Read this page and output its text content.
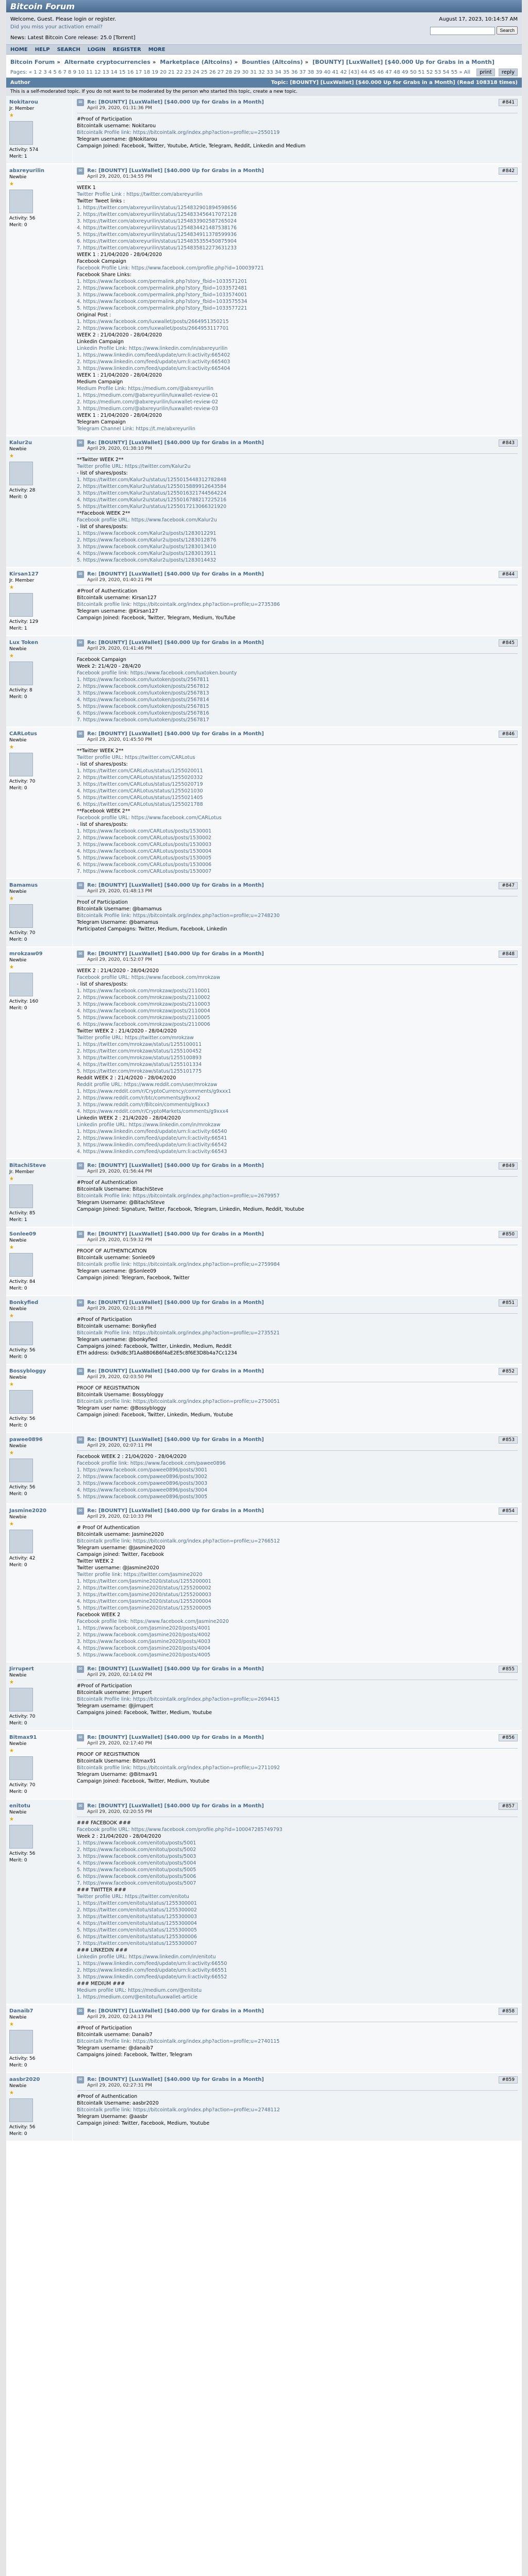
Bitcoin Forum
Welcome, Guest. Please login or register.
Did you miss your activation email?
News: Latest Bitcoin Core release: 25.0 [Torrent]
August 17, 2023, 10:14:57 AM
Search
HOME HELP SEARCH LOGIN REGISTER MORE
Bitcoin Forum » Alternate cryptocurrencies » Marketplace (Altcoins) » Bounties (Altcoins) » [BOUNTY] [LuxWallet] [$40.000 Up for Grabs in a Month]
Pages: « 1 2 3 4 5 6 7 8 9 10 11 12 13 14 15 16 17 18 19 20 21 22 23 24 25 26 27 28 29 30 31 32 33 34 35 36 37 38 39 40 41 42 [43] 44 45 46 47 48 49 50 51 52 53 54 55 » All	print reply
Author	Topic: [BOUNTY] [LuxWallet] [$40.000 Up for Grabs in a Month] (Read 108318 times)
This is a self-moderated topic. If you do not want to be moderated by the person who started this topic, create a new topic.
Nokitarou
Jr. Member
★
Activity: 574
Merit: 1
✉ Re: [BOUNTY] [LuxWallet] [$40.000 Up for Grabs in a Month]
April 29, 2020, 01:31:36 PM
#841
#Proof of Participation
Bitcointalk username: Nokitarou
Bitcointalk Profile link: https://bitcointalk.org/index.php?action=profile;u=2550119
Telegram username: @Nokitarou
Campaign Joined: Facebook, Twitter, Youtube, Article, Telegram, Reddit, Linkedin and Medium
abxreyurilin
Newbie
★
Activity: 56
Merit: 0
✉ Re: [BOUNTY] [LuxWallet] [$40.000 Up for Grabs in a Month]
April 29, 2020, 01:34:55 PM
#842
WEEK 1
Twitter Profile Link : https://twitter.com/abxreyurilin
Twitter Tweet links :
1. https://twitter.com/abxreyurilin/status/1254832901894598656
2. https://twitter.com/abxreyurilin/status/1254833456417072128
3. https://twitter.com/abxreyurilin/status/1254833902587265024
4. https://twitter.com/abxreyurilin/status/1254834421487538176
5. https://twitter.com/abxreyurilin/status/1254834911378599936
6. https://twitter.com/abxreyurilin/status/1254835355450875904
7. https://twitter.com/abxreyurilin/status/1254835812273631233
WEEK 1 : 21/04/2020 - 28/04/2020
Facebook Campaign
Facebook Profile Link: https://www.facebook.com/profile.php?id=100039721
Facebook Share Links:
1. https://www.facebook.com/permalink.php?story_fbid=1033571201
2. https://www.facebook.com/permalink.php?story_fbid=1033572481
3. https://www.facebook.com/permalink.php?story_fbid=1033574001
4. https://www.facebook.com/permalink.php?story_fbid=1033575534
5. https://www.facebook.com/permalink.php?story_fbid=1033577221
Original Post :
1. https://www.facebook.com/luxwallet/posts/2664951350215
2. https://www.facebook.com/luxwallet/posts/2664953117701
WEEK 2 : 21/04/2020 - 28/04/2020
Linkedin Campaign
Linkedin Profile Link: https://www.linkedin.com/in/abxreyurilin
1. https://www.linkedin.com/feed/update/urn:li:activity:665402
2. https://www.linkedin.com/feed/update/urn:li:activity:665403
3. https://www.linkedin.com/feed/update/urn:li:activity:665404
WEEK 1 : 21/04/2020 - 28/04/2020
Medium Campaign
Medium Profile Link: https://medium.com/@abxreyurilin
1. https://medium.com/@abxreyurilin/luxwallet-review-01
2. https://medium.com/@abxreyurilin/luxwallet-review-02
3. https://medium.com/@abxreyurilin/luxwallet-review-03
WEEK 1 : 21/04/2020 - 28/04/2020
Telegram Campaign
Telegram Channel Link: https://t.me/abxreyurilin
Kalur2u
Newbie
★
Activity: 28
Merit: 0
✉ Re: [BOUNTY] [LuxWallet] [$40.000 Up for Grabs in a Month]
April 29, 2020, 01:38:10 PM
#843
**Twitter WEEK 2**
Twitter profile URL: https://twitter.com/Kalur2u
- list of shares/posts:
1. https://twitter.com/Kalur2u/status/1255015448312782848
2. https://twitter.com/Kalur2u/status/1255015889912643584
3. https://twitter.com/Kalur2u/status/1255016321744564224
4. https://twitter.com/Kalur2u/status/1255016788217225216
5. https://twitter.com/Kalur2u/status/1255017213066321920
**Facebook WEEK 2**
Facebook profile URL: https://www.facebook.com/Kalur2u
- list of shares/posts:
1. https://www.facebook.com/Kalur2u/posts/1283012291
2. https://www.facebook.com/Kalur2u/posts/1283012876
3. https://www.facebook.com/Kalur2u/posts/1283013410
4. https://www.facebook.com/Kalur2u/posts/1283013911
5. https://www.facebook.com/Kalur2u/posts/1283014432
Kirsan127
Jr. Member
★
Activity: 129
Merit: 1
✉ Re: [BOUNTY] [LuxWallet] [$40.000 Up for Grabs in a Month]
April 29, 2020, 01:40:21 PM
#844
#Proof of Authentication
Bitcointalk username: Kirsan127
Bitcointalk profile link: https://bitcointalk.org/index.php?action=profile;u=2735386
Telegram username: @Kirsan127
Campaign Joined: Facebook, Twitter, Telegram, Medium, YouTube
Lux Token
Newbie
★
Activity: 8
Merit: 0
✉ Re: [BOUNTY] [LuxWallet] [$40.000 Up for Grabs in a Month]
April 29, 2020, 01:41:46 PM
#845
Facebook Campaign
Week 2: 21/4/20 - 28/4/20
Facebook profile link: https://www.facebook.com/luxtoken.bounty
1. https://www.facebook.com/luxtoken/posts/2567811
2. https://www.facebook.com/luxtoken/posts/2567812
3. https://www.facebook.com/luxtoken/posts/2567813
4. https://www.facebook.com/luxtoken/posts/2567814
5. https://www.facebook.com/luxtoken/posts/2567815
6. https://www.facebook.com/luxtoken/posts/2567816
7. https://www.facebook.com/luxtoken/posts/2567817
CARLotus
Newbie
★
Activity: 70
Merit: 0
✉ Re: [BOUNTY] [LuxWallet] [$40.000 Up for Grabs in a Month]
April 29, 2020, 01:45:50 PM
#846
**Twitter WEEK 2**
Twitter profile URL: https://twitter.com/CARLotus
- list of shares/posts:
1. https://twitter.com/CARLotus/status/1255020011
2. https://twitter.com/CARLotus/status/1255020332
3. https://twitter.com/CARLotus/status/1255020719
4. https://twitter.com/CARLotus/status/1255021030
5. https://twitter.com/CARLotus/status/1255021405
6. https://twitter.com/CARLotus/status/1255021788
**Facebook WEEK 2**
Facebook profile URL: https://www.facebook.com/CARLotus
- list of shares/posts:
1. https://www.facebook.com/CARLotus/posts/1530001
2. https://www.facebook.com/CARLotus/posts/1530002
3. https://www.facebook.com/CARLotus/posts/1530003
4. https://www.facebook.com/CARLotus/posts/1530004
5. https://www.facebook.com/CARLotus/posts/1530005
6. https://www.facebook.com/CARLotus/posts/1530006
7. https://www.facebook.com/CARLotus/posts/1530007
Bamamus
Newbie
★
Activity: 70
Merit: 0
✉ Re: [BOUNTY] [LuxWallet] [$40.000 Up for Grabs in a Month]
April 29, 2020, 01:48:13 PM
#847
Proof of Participation
Bitcointalk Username: @bamamus
Bitcointalk Profile link: https://bitcointalk.org/index.php?action=profile;u=2748230
Telegram Username: @bamamus
Participated Campaigns: Twitter, Medium, Facebook, Linkedin
mrokzaw09
Newbie
★
Activity: 160
Merit: 0
✉ Re: [BOUNTY] [LuxWallet] [$40.000 Up for Grabs in a Month]
April 29, 2020, 01:52:07 PM
#848
WEEK 2 : 21/4/2020 - 28/04/2020
Facebook profile URL: https://www.facebook.com/mrokzaw
- list of shares/posts:
1. https://www.facebook.com/mrokzaw/posts/2110001
2. https://www.facebook.com/mrokzaw/posts/2110002
3. https://www.facebook.com/mrokzaw/posts/2110003
4. https://www.facebook.com/mrokzaw/posts/2110004
5. https://www.facebook.com/mrokzaw/posts/2110005
6. https://www.facebook.com/mrokzaw/posts/2110006
Twitter WEEK 2 : 21/4/2020 - 28/04/2020
Twitter profile URL: https://twitter.com/mrokzaw
1. https://twitter.com/mrokzaw/status/1255100011
2. https://twitter.com/mrokzaw/status/1255100452
3. https://twitter.com/mrokzaw/status/1255100893
4. https://twitter.com/mrokzaw/status/1255101334
5. https://twitter.com/mrokzaw/status/1255101775
Reddit WEEK 2 : 21/4/2020 - 28/04/2020
Reddit profile URL: https://www.reddit.com/user/mrokzaw
1. https://www.reddit.com/r/CryptoCurrency/comments/g9xxx1
2. https://www.reddit.com/r/btc/comments/g9xxx2
3. https://www.reddit.com/r/Bitcoin/comments/g9xxx3
4. https://www.reddit.com/r/CryptoMarkets/comments/g9xxx4
Linkedin WEEK 2 : 21/4/2020 - 28/04/2020
Linkedin profile URL: https://www.linkedin.com/in/mrokzaw
1. https://www.linkedin.com/feed/update/urn:li:activity:66540
2. https://www.linkedin.com/feed/update/urn:li:activity:66541
3. https://www.linkedin.com/feed/update/urn:li:activity:66542
4. https://www.linkedin.com/feed/update/urn:li:activity:66543
BitachiSteve
Jr. Member
★
Activity: 85
Merit: 1
✉ Re: [BOUNTY] [LuxWallet] [$40.000 Up for Grabs in a Month]
April 29, 2020, 01:56:44 PM
#849
#Proof of Authentication
Bitcointalk Username: BitachiSteve
Bitcointalk Profile link: https://bitcointalk.org/index.php?action=profile;u=2679957
Telegram Username: @BitachiSteve
Campaign Joined: Signature, Twitter, Facebook, Telegram, Linkedin, Medium, Reddit, Youtube
Sonlee09
Newbie
★
Activity: 84
Merit: 0
✉ Re: [BOUNTY] [LuxWallet] [$40.000 Up for Grabs in a Month]
April 29, 2020, 01:59:32 PM
#850
PROOF OF AUTHENTICATION
Bitcointalk username: Sonlee09
Bitcointalk profile link: https://bitcointalk.org/index.php?action=profile;u=2759984
Telegram username: @Sonlee09
Campaign joined: Telegram, Facebook, Twitter
Bonkyfied
Newbie
★
Activity: 56
Merit: 0
✉ Re: [BOUNTY] [LuxWallet] [$40.000 Up for Grabs in a Month]
April 29, 2020, 02:01:18 PM
#851
#Proof of Participation
Bitcointalk username: Bonkyfied
Bitcointalk Profile link: https://bitcointalk.org/index.php?action=profile;u=2735521
Telegram username: @bonkyfied
Campaigns joined: Facebook, Twitter, Linkedin, Medium, Reddit
ETH address: 0x9d8c3f1Aa8B06B6f4aE2E5c8f6E3D8b4a7Cc1234
Bossybloggy
Newbie
★
Activity: 56
Merit: 0
✉ Re: [BOUNTY] [LuxWallet] [$40.000 Up for Grabs in a Month]
April 29, 2020, 02:03:50 PM
#852
PROOF OF REGISTRATION
Bitcointalk Username: Bossybloggy
Bitcointalk profile link: https://bitcointalk.org/index.php?action=profile;u=2750051
Telegram user name: @Bossybloggy
Campaign joined: Facebook, Twitter, Linkedin, Medium, Youtube
pawee0896
Newbie
★
Activity: 56
Merit: 0
✉ Re: [BOUNTY] [LuxWallet] [$40.000 Up for Grabs in a Month]
April 29, 2020, 02:07:11 PM
#853
Facebook WEEK 2 : 21/04/2020 - 28/04/2020
Facebook profile link: https://www.facebook.com/pawee0896
1. https://www.facebook.com/pawee0896/posts/3001
2. https://www.facebook.com/pawee0896/posts/3002
3. https://www.facebook.com/pawee0896/posts/3003
4. https://www.facebook.com/pawee0896/posts/3004
5. https://www.facebook.com/pawee0896/posts/3005
Jasmine2020
Newbie
★
Activity: 42
Merit: 0
✉ Re: [BOUNTY] [LuxWallet] [$40.000 Up for Grabs in a Month]
April 29, 2020, 02:10:33 PM
#854
# Proof Of Authentication
Bitcointalk username: Jasmine2020
Bitcointalk profile link: https://bitcointalk.org/index.php?action=profile;u=2766512
Telegram username: @Jasmine2020
Campaign joined: Twitter, Facebook
Twitter WEEK 2
Twitter username: @Jasmine2020
Twitter profile link: https://twitter.com/Jasmine2020
1. https://twitter.com/Jasmine2020/status/1255200001
2. https://twitter.com/Jasmine2020/status/1255200002
3. https://twitter.com/Jasmine2020/status/1255200003
4. https://twitter.com/Jasmine2020/status/1255200004
5. https://twitter.com/Jasmine2020/status/1255200005
Facebook WEEK 2
Facebook profile link: https://www.facebook.com/Jasmine2020
1. https://www.facebook.com/Jasmine2020/posts/4001
2. https://www.facebook.com/Jasmine2020/posts/4002
3. https://www.facebook.com/Jasmine2020/posts/4003
4. https://www.facebook.com/Jasmine2020/posts/4004
5. https://www.facebook.com/Jasmine2020/posts/4005
Jirrupert
Newbie
★
Activity: 70
Merit: 0
✉ Re: [BOUNTY] [LuxWallet] [$40.000 Up for Grabs in a Month]
April 29, 2020, 02:14:02 PM
#855
#Proof of Participation
Bitcointalk username: Jirrupert
Bitcointalk Profile link: https://bitcointalk.org/index.php?action=profile;u=2694415
Telegram username: @jirrupert
Campaigns joined: Facebook, Twitter, Medium, Youtube
Bitmax91
Newbie
★
Activity: 70
Merit: 0
✉ Re: [BOUNTY] [LuxWallet] [$40.000 Up for Grabs in a Month]
April 29, 2020, 02:17:40 PM
#856
PROOF OF REGISTRATION
Bitcointalk Username: Bitmax91
Bitcointalk profile link: https://bitcointalk.org/index.php?action=profile;u=2711092
Telegram Username: @Bitmax91
Campaign Joined: Facebook, Twitter, Medium, Youtube
enitotu
Newbie
★
Activity: 56
Merit: 0
✉ Re: [BOUNTY] [LuxWallet] [$40.000 Up for Grabs in a Month]
April 29, 2020, 02:20:55 PM
#857
### FACEBOOK ###
Facebook profile URL: https://www.facebook.com/profile.php?id=100047285749793
Week 2 : 21/04/2020 - 28/04/2020
1. https://www.facebook.com/enitotu/posts/5001
2. https://www.facebook.com/enitotu/posts/5002
3. https://www.facebook.com/enitotu/posts/5003
4. https://www.facebook.com/enitotu/posts/5004
5. https://www.facebook.com/enitotu/posts/5005
6. https://www.facebook.com/enitotu/posts/5006
7. https://www.facebook.com/enitotu/posts/5007
### TWITTER ###
Twitter profile URL: https://twitter.com/enitotu
1. https://twitter.com/enitotu/status/1255300001
2. https://twitter.com/enitotu/status/1255300002
3. https://twitter.com/enitotu/status/1255300003
4. https://twitter.com/enitotu/status/1255300004
5. https://twitter.com/enitotu/status/1255300005
6. https://twitter.com/enitotu/status/1255300006
7. https://twitter.com/enitotu/status/1255300007
### LINKEDIN ###
Linkedin profile URL: https://www.linkedin.com/in/enitotu
1. https://www.linkedin.com/feed/update/urn:li:activity:66550
2. https://www.linkedin.com/feed/update/urn:li:activity:66551
3. https://www.linkedin.com/feed/update/urn:li:activity:66552
### MEDIUM ###
Medium profile URL: https://medium.com/@enitotu
1. https://medium.com/@enitotu/luxwallet-article
Danaib7
Newbie
★
Activity: 56
Merit: 0
✉ Re: [BOUNTY] [LuxWallet] [$40.000 Up for Grabs in a Month]
April 29, 2020, 02:24:13 PM
#858
#Proof of Participation
Bitcointalk username: Danaib7
Bitcointalk Profile link: https://bitcointalk.org/index.php?action=profile;u=2740115
Telegram username: @danaib7
Campaigns joined: Facebook, Twitter, Telegram
aasbr2020
Newbie
★
Activity: 56
Merit: 0
✉ Re: [BOUNTY] [LuxWallet] [$40.000 Up for Grabs in a Month]
April 29, 2020, 02:27:31 PM
#859
#Proof of Authentication
Bitcointalk Username: aasbr2020
Bitcointalk profile link: https://bitcointalk.org/index.php?action=profile;u=2748112
Telegram Username: @aasbr
Campaign joined: Twitter, Facebook, Medium, Youtube
